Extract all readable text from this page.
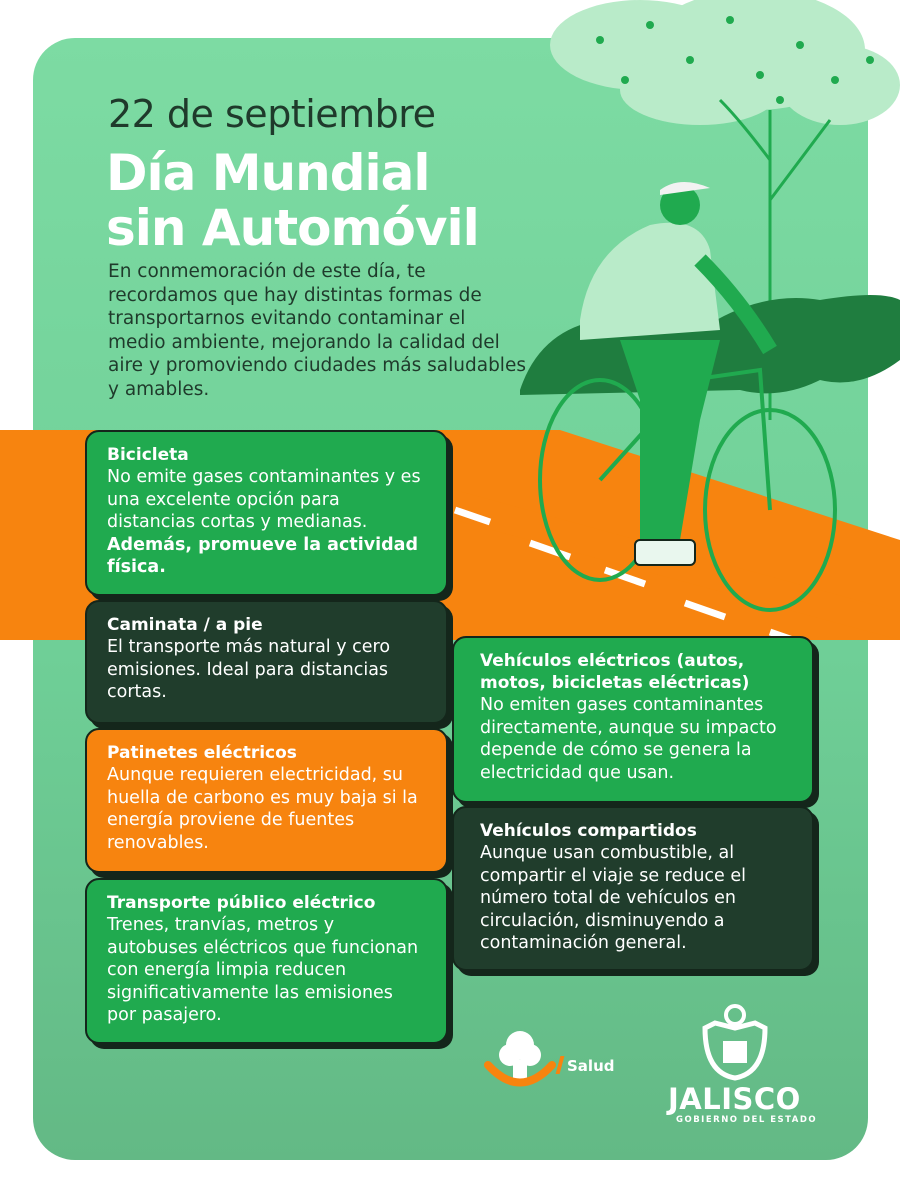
22 de septiembre
Día Mundial
sin Automóvil
En conmemoración de este día, te recordamos que hay distintas formas de transportarnos evitando contaminar el medio ambiente, mejorando la calidad del aire y promoviendo ciudades más saludables y amables.
Bicicleta

No emite gases contaminantes y es una excelente opción para distancias cortas y medianas. Además, promueve la actividad física.

Caminata / a pie

El transporte más natural y cero emisiones. Ideal para distancias cortas.

Patinetes eléctricos

Aunque requieren electricidad, su huella de carbono es muy baja si la energía proviene de fuentes renovables.

Transporte público eléctrico

Trenes, tranvías, metros y autobuses eléctricos que funcionan con energía limpia reducen significativamente las emisiones por pasajero.

Vehículos eléctricos (autos, motos, bicicletas eléctricas)

No emiten gases contaminantes directamente, aunque su impacto depende de cómo se genera la electricidad que usan.

Vehículos compartidos

Aunque usan combustible, al compartir el viaje se reduce el número total de vehículos en circulación, disminuyendo a contaminación general.

Salud
JALISCO
GOBIERNO DEL ESTADO
